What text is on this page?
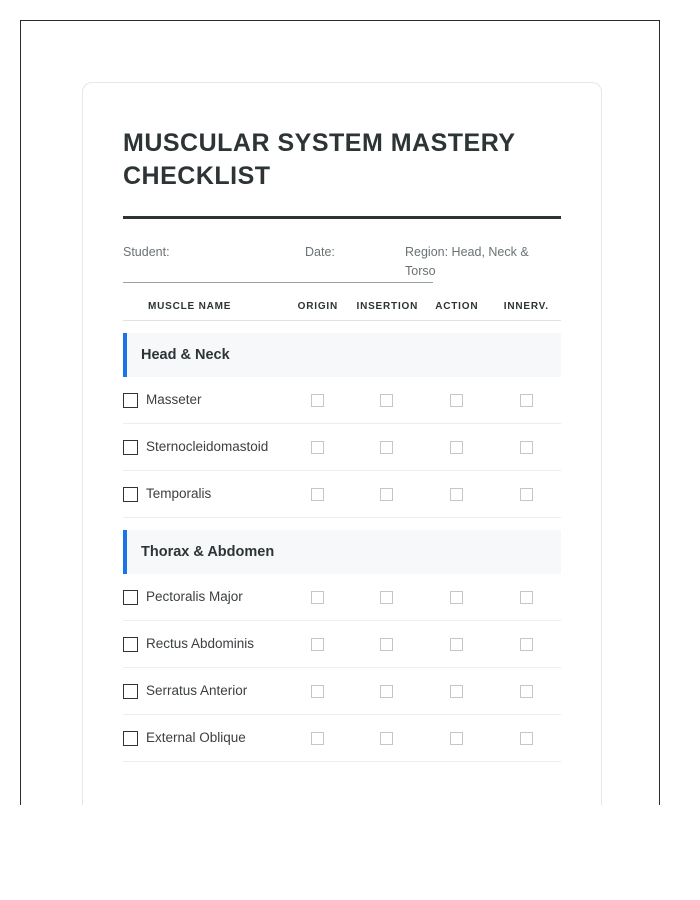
MUSCULAR SYSTEM MASTERY CHECKLIST
Student:	Date:	Region: Head, Neck & Torso
MUSCLE NAME	ORIGIN	INSERTION	ACTION	INNERV.
Head & Neck
Masseter
Sternocleidomastoid
Temporalis
Thorax & Abdomen
Pectoralis Major
Rectus Abdominis
Serratus Anterior
External Oblique
